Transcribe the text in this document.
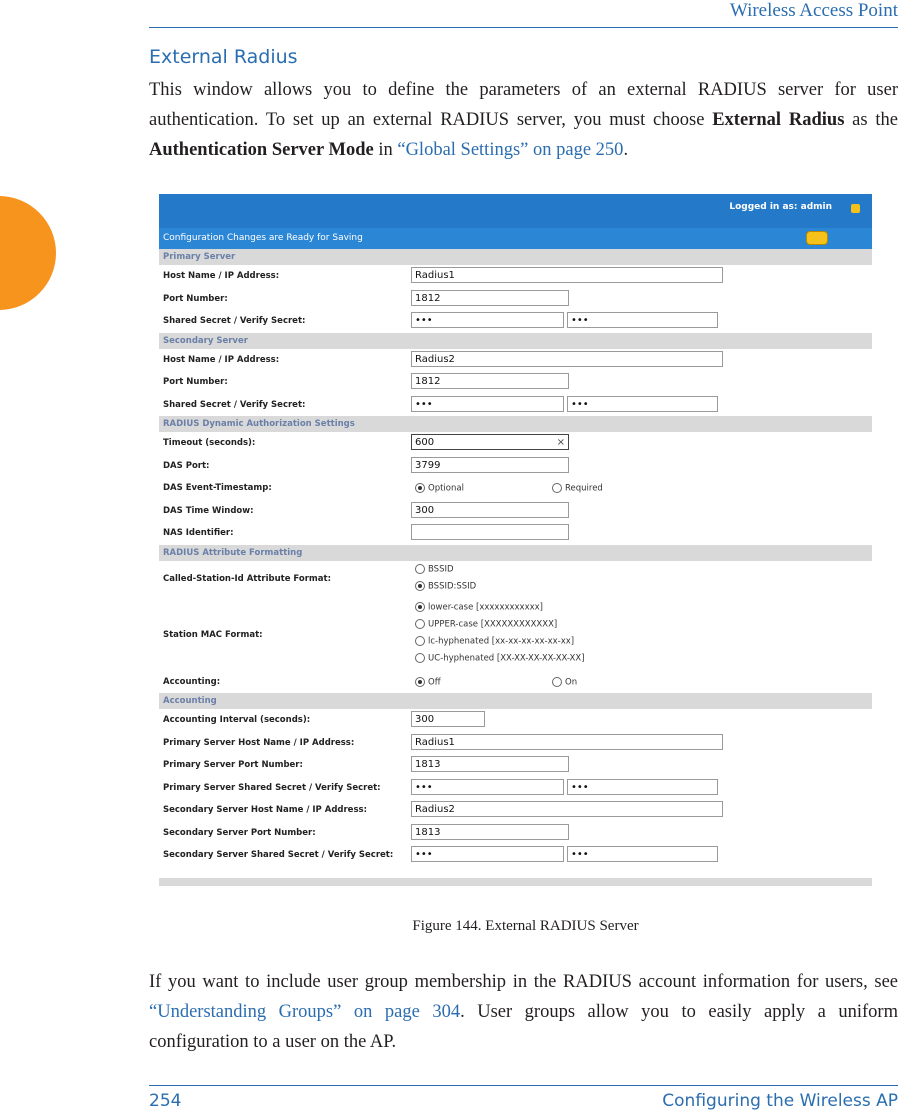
Wireless Access Point
External Radius

This window allows you to define the parameters of an external RADIUS server for user authentication. To set up an external RADIUS server, you must choose External Radius as the Authentication Server Mode in “Global Settings” on page 250.

Logged in as: admin
Configuration Changes are Ready for Saving
Primary Server
Host Name / IP Address:	Radius1
Port Number:	1812
Shared Secret / Verify Secret:	•••	•••
Secondary Server
Host Name / IP Address:	Radius2
Port Number:	1812
Shared Secret / Verify Secret:	•••	•••
RADIUS Dynamic Authorization Settings
Timeout (seconds):	600	×
DAS Port:	3799
DAS Event-Timestamp:	Optional	Required
DAS Time Window:	300
NAS Identifier:
RADIUS Attribute Formatting
Called-Station-Id Attribute Format:
BSSID
BSSID:SSID
Station MAC Format:
lower-case [xxxxxxxxxxxx]
UPPER-case [XXXXXXXXXXXX]
lc-hyphenated [xx-xx-xx-xx-xx-xx]
UC-hyphenated [XX-XX-XX-XX-XX-XX]
Accounting:	Off	On
Accounting
Accounting Interval (seconds):	300
Primary Server Host Name / IP Address:	Radius1
Primary Server Port Number:	1813
Primary Server Shared Secret / Verify Secret:	•••	•••
Secondary Server Host Name / IP Address:	Radius2
Secondary Server Port Number:	1813
Secondary Server Shared Secret / Verify Secret:	•••	•••
Figure 144. External RADIUS Server

If you want to include user group membership in the RADIUS account information for users, see “Understanding Groups” on page 304. User groups allow you to easily apply a uniform configuration to a user on the AP.

254	Configuring the Wireless AP
